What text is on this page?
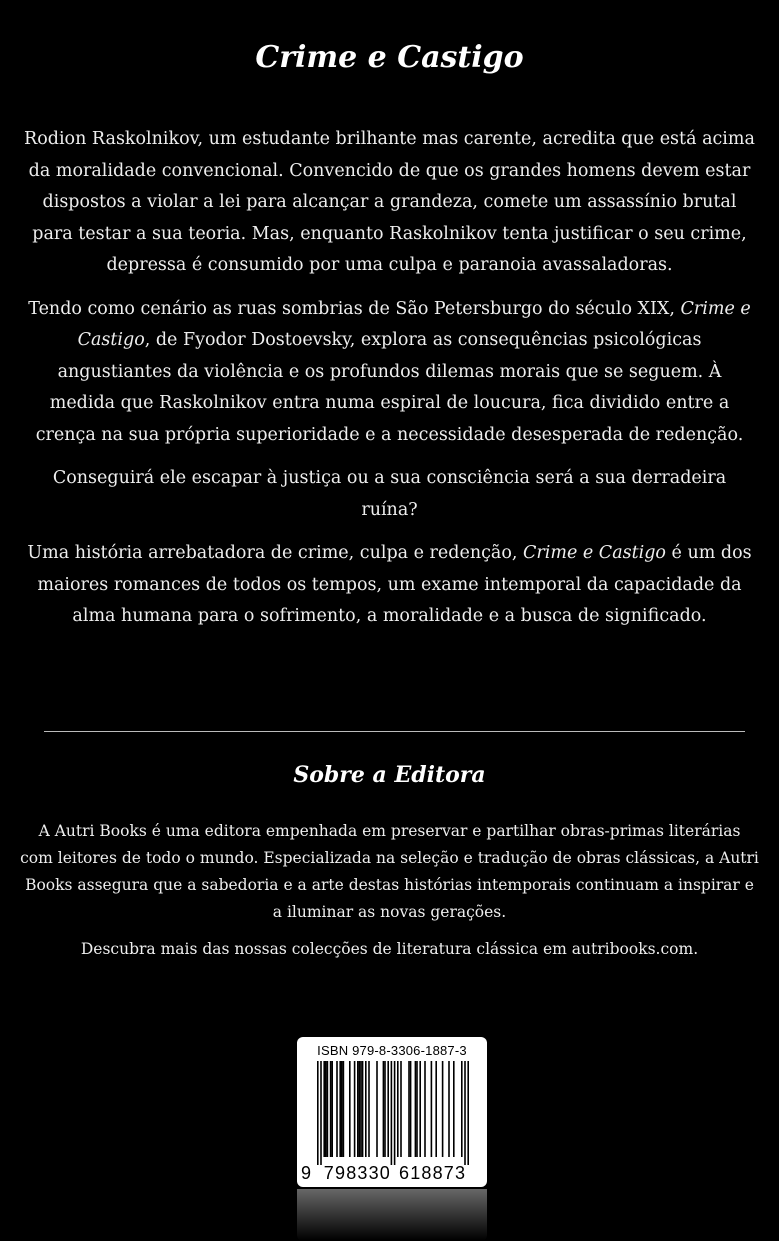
Crime e Castigo

Rodion Raskolnikov, um estudante brilhante mas carente, acredita que está acima da moralidade convencional. Convencido de que os grandes homens devem estar dispostos a violar a lei para alcançar a grandeza, comete um assassínio brutal para testar a sua teoria. Mas, enquanto Raskolnikov tenta justificar o seu crime, depressa é consumido por uma culpa e paranoia avassaladoras.

Tendo como cenário as ruas sombrias de São Petersburgo do século XIX, Crime e Castigo, de Fyodor Dostoevsky, explora as consequências psicológicas angustiantes da violência e os profundos dilemas morais que se seguem. À medida que Raskolnikov entra numa espiral de loucura, fica dividido entre a crença na sua própria superioridade e a necessidade desesperada de redenção.

Conseguirá ele escapar à justiça ou a sua consciência será a sua derradeira ruína?

Uma história arrebatadora de crime, culpa e redenção, Crime e Castigo é um dos maiores romances de todos os tempos, um exame intemporal da capacidade da alma humana para o sofrimento, a moralidade e a busca de significado.

Sobre a Editora

A Autri Books é uma editora empenhada em preservar e partilhar obras-primas literárias com leitores de todo o mundo. Especializada na seleção e tradução de obras clássicas, a Autri Books assegura que a sabedoria e a arte destas histórias intemporais continuam a inspirar e a iluminar as novas gerações.

Descubra mais das nossas colecções de literatura clássica em autribooks.com.

ISBN 979-8-3306-1887-3
9 7 9 8 3 3 0 6 1 8 8 7 3
